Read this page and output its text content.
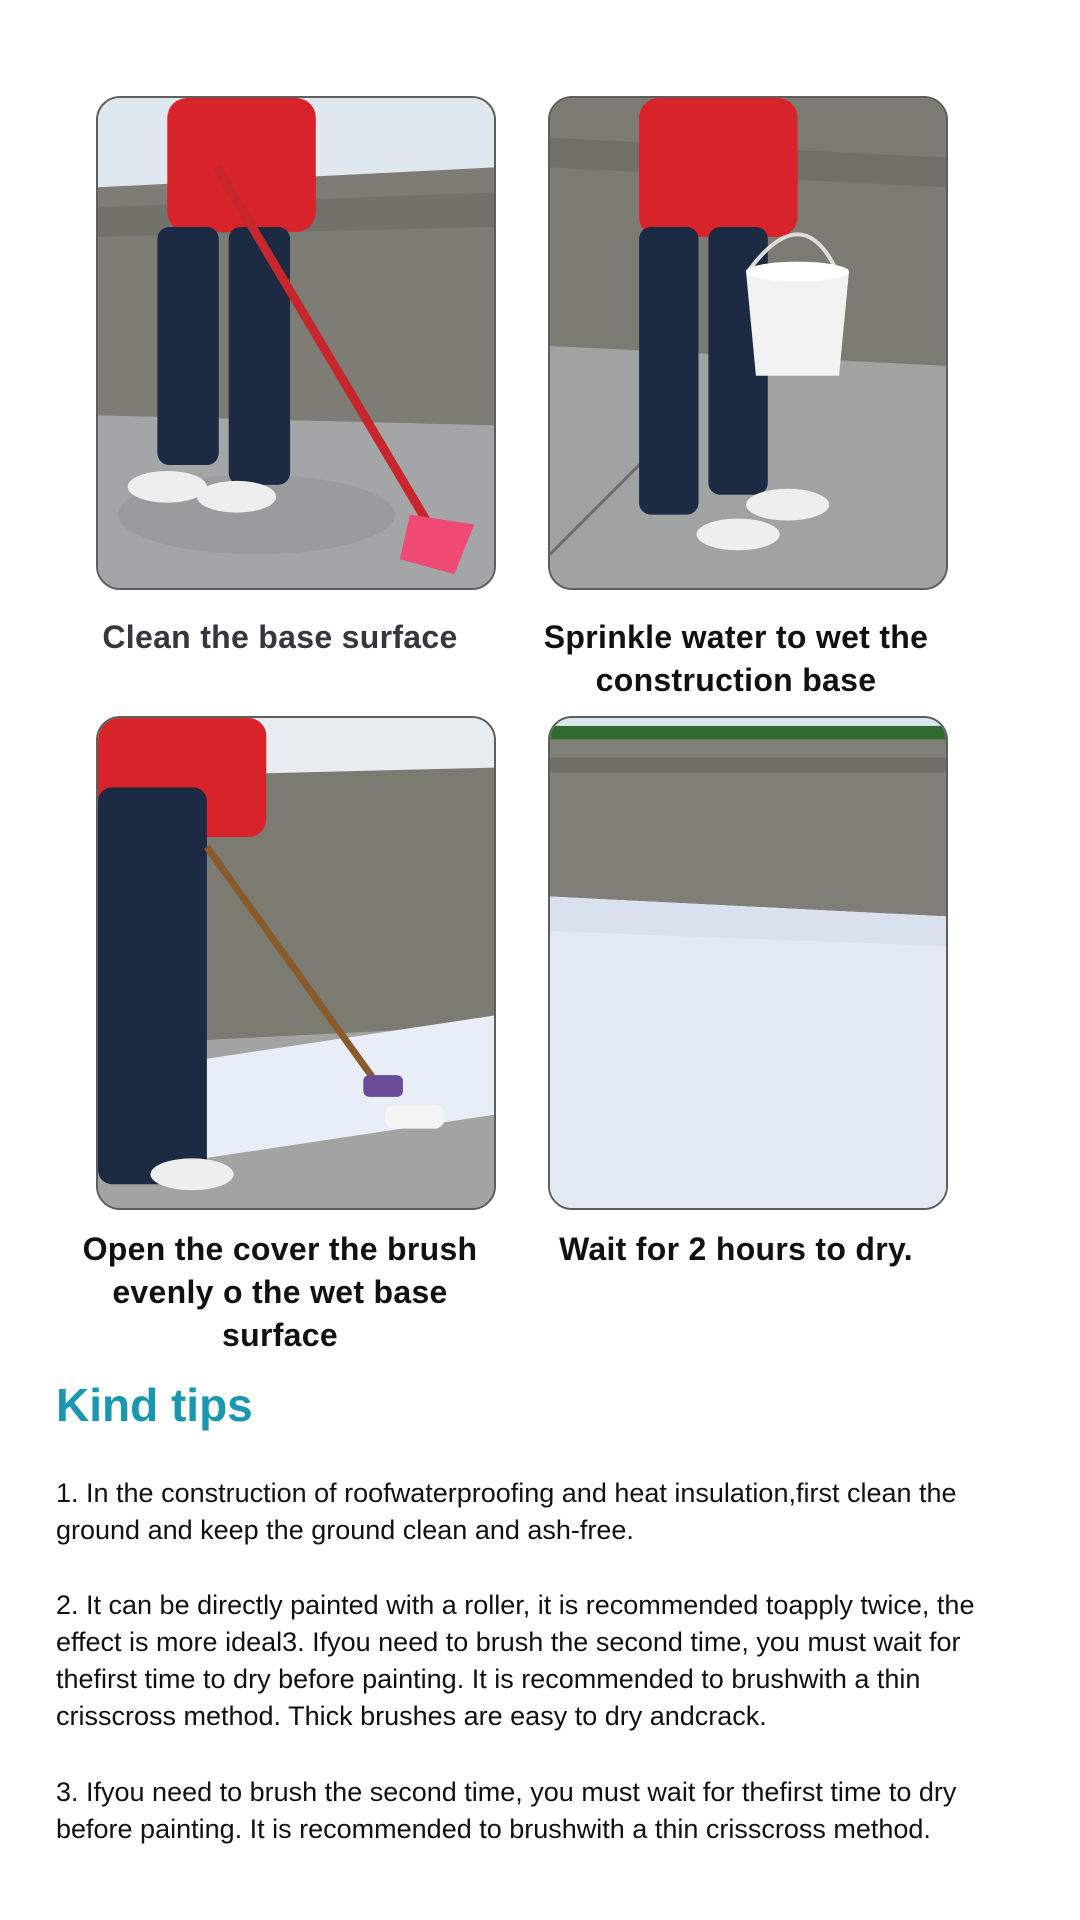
Clean the base surface	Sprinkle water to wet the construction base
Open the cover the brush evenly o the wet base surface
Wait for 2 hours to dry.
Kind tips

1. In the construction of roofwaterproofing and heat insulation,first clean the ground and keep the ground clean and ash-free.

2. It can be directly painted with a roller, it is recommended toapply twice, the effect is more ideal3. Ifyou need to brush the second time, you must wait for thefirst time to dry before painting. It is recommended to brushwith a thin crisscross method. Thick brushes are easy to dry andcrack.

3. Ifyou need to brush the second time, you must wait for thefirst time to dry before painting. It is recommended to brushwith a thin crisscross method.
